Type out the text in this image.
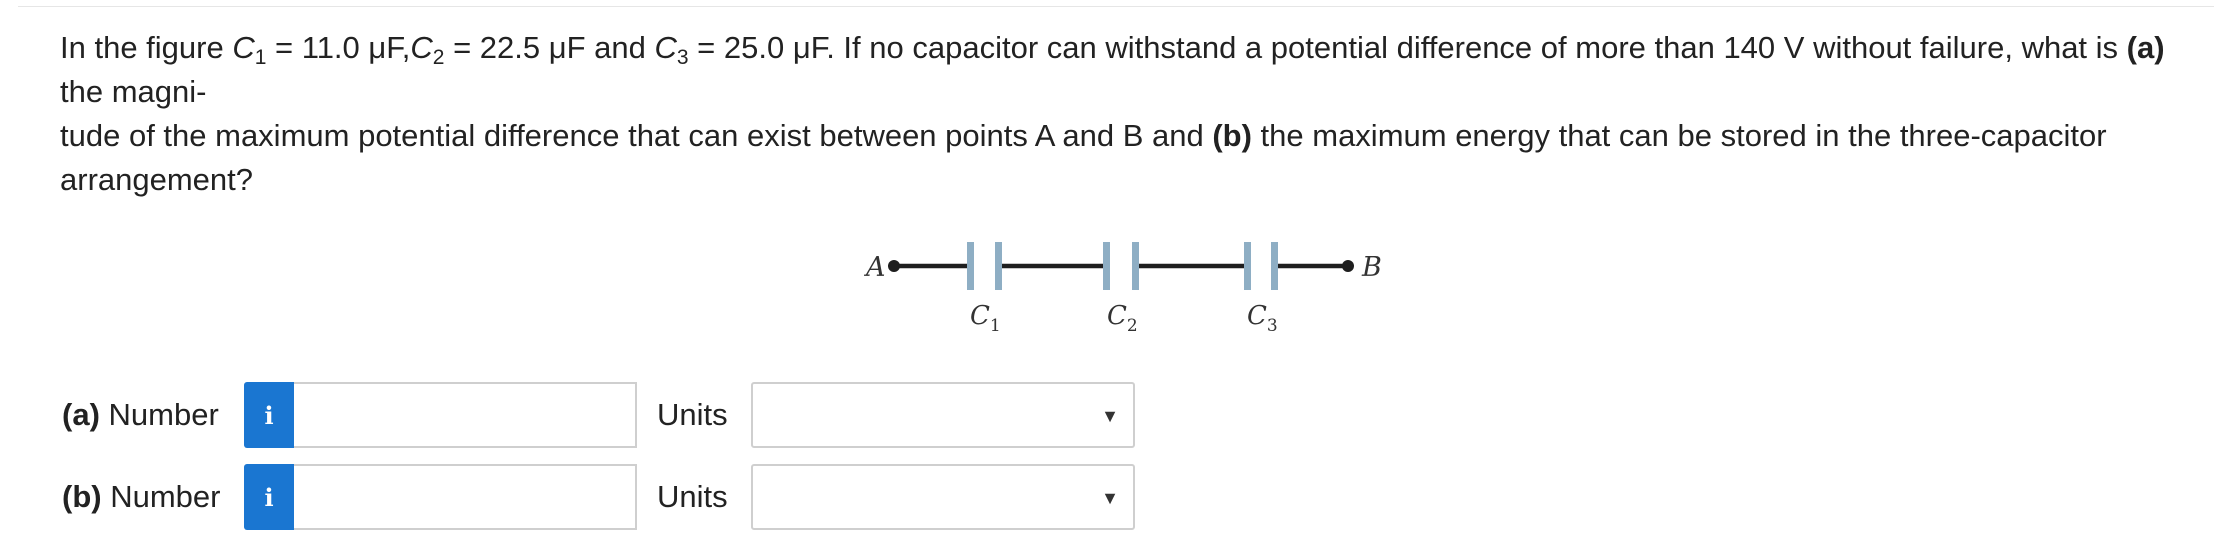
In the figure $C_1 = 11.0$ $\mu F,C_2 = 22.5$ μF and $C_3 = 25.0$ μF. If no capacitor can withstand a potential difference of more than 140 V without failure, what is (a) the magni-
tude of the maximum potential difference that can exist between points A and B and (b) the maximum energy that can be stored in the three-capacitor arrangement?
A	B
$C_1$	$C_2$	$C_3$
(a) Number	i	Units	▼
(b) Number	i	Units	▼
